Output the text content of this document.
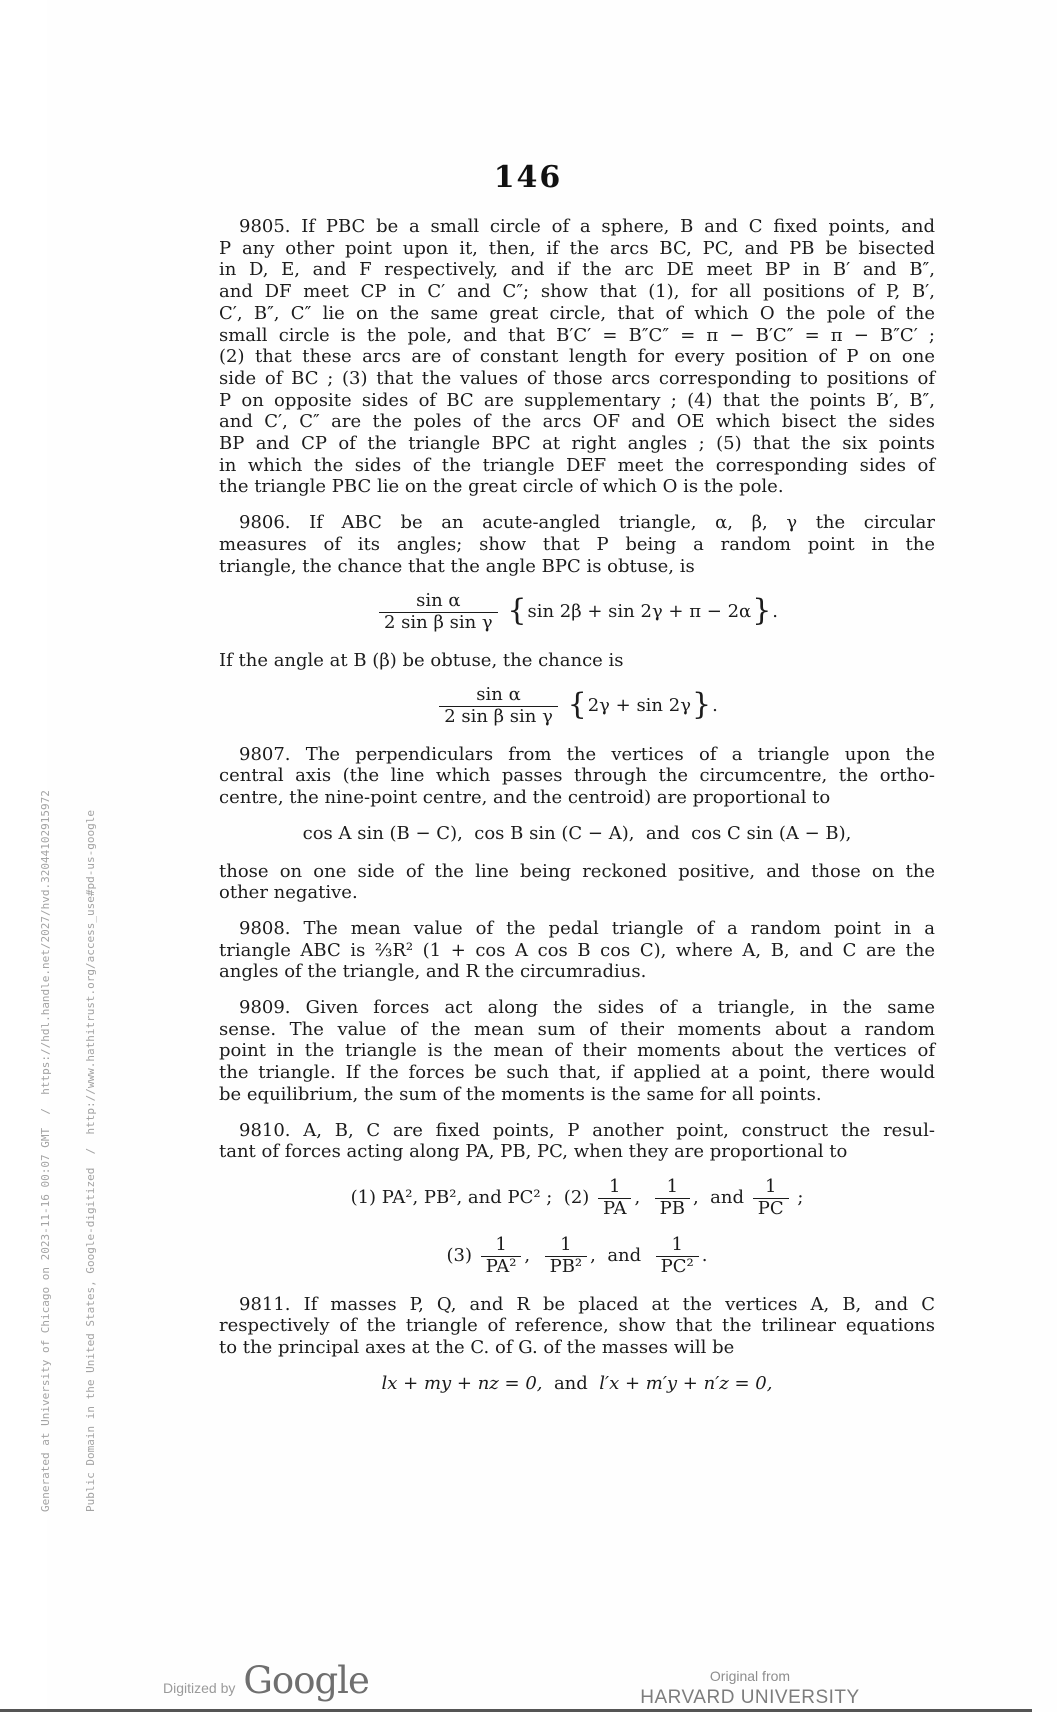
146
9805. If PBC be a small circle of a sphere, B and C fixed points, and
P any other point upon it, then, if the arcs BC, PC, and PB be bisected
in D, E, and F respectively, and if the arc DE meet BP in B′ and B″,
and DF meet CP in C′ and C″; show that (1), for all positions of P, B′,
C′, B″, C″ lie on the same great circle, that of which O the pole of the
small circle is the pole, and that B′C′ = B″C″ = π − B′C″ = π − B″C′ ;
(2) that these arcs are of constant length for every position of P on one
side of BC ; (3) that the values of those arcs corresponding to positions of
P on opposite sides of BC are supplementary ; (4) that the points B′, B″,
and C′, C″ are the poles of the arcs OF and OE which bisect the sides
BP and CP of the triangle BPC at right angles ; (5) that the six points
in which the sides of the triangle DEF meet the corresponding sides of
the triangle PBC lie on the great circle of which O is the pole.
9806. If ABC be an acute-angled triangle, α, β, γ the circular
measures of its angles; show that P being a random point in the
triangle, the chance that the angle BPC is obtuse, is
$\frac{\text{sin α}}{\text{2 sin β sin γ}} \{\sin$ 2β + sin 2γ + π − 2α}.
If the angle at B (β) be obtuse, the chance is
$\frac{\text{sin α}}{\text{2 sin β sin γ}} \{2\gamma + \sin 2\gamma\}$.
9807. The perpendiculars from the vertices of a triangle upon the
central axis (the line which passes through the circumcentre, the ortho-
centre, the nine-point centre, and the centroid) are proportional to
cos A sin (B − C),  cos B sin (C − A),  and  cos C sin (A − B),
those on one side of the line being reckoned positive, and those on the
other negative.
9808. The mean value of the pedal triangle of a random point in a
triangle ABC is ⅔R² (1 + cos A cos B cos C), where A, B, and C are the
angles of the triangle, and R the circumradius.
9809. Given forces act along the sides of a triangle, in the same
sense. The value of the mean sum of their moments about a random
point in the triangle is the mean of their moments about the vertices of
the triangle. If the forces be such that, if applied at a point, there would
be equilibrium, the sum of the moments is the same for all points.
9810. A, B, C are fixed points, P another point, construct the resul-
tant of forces acting along PA, PB, PC, when they are proportional to
(1) PA², PB², and PC² ;  $(2) \frac{1}{PA}$ , $\frac{1}{PB}$ ,  and $\frac{1}{PC}$ ;
$(3) \frac{1}{\text{PA²}}$ , $\frac{1}{\text{PB²}}$ ,  and $\frac{1}{\text{PC²}}$ .
9811. If masses P, Q, and R be placed at the vertices A, B, and C
respectively of the triangle of reference, show that the trilinear equations
to the principal axes at the C. of G. of the masses will be
lx + my + nz = 0,  and  l′x + m′y + n′z = 0,

Generated at University of Chicago on 2023-11-16 00:07 GMT  /  https://hdl.handle.net/2027/hvd.32044102915972

	Public Domain in the United States, Google-digitized  /  http://www.hathitrust.org/access_use#pd-us-google

Digitized by Google	Original from
HARVARD UNIVERSITY
